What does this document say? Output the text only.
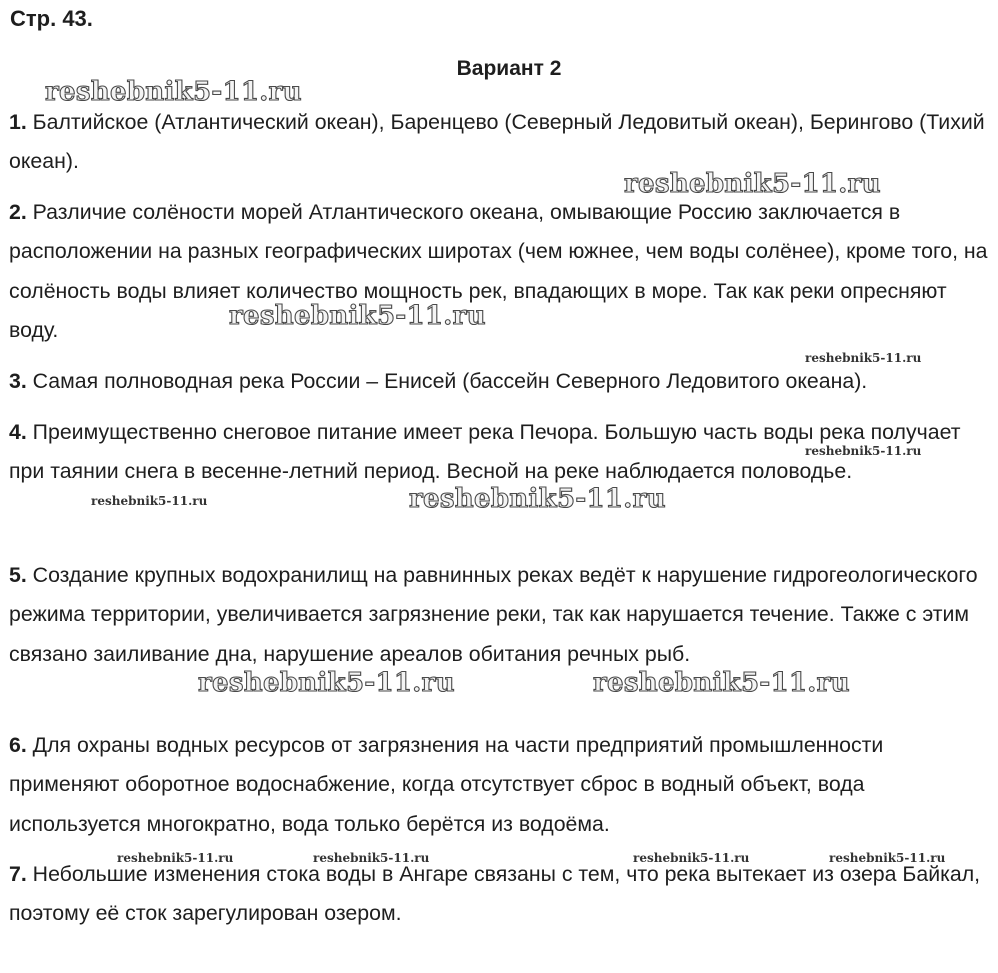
Стр. 43.
Вариант 2

1. Балтийское (Атлантический океан), Баренцево (Северный Ледовитый океан), Берингово (Тихий океан).

2. Различие солёности морей Атлантического океана, омывающие Россию заключается в расположении на разных географических широтах (чем южнее, чем воды солёнее), кроме того, на солёность воды влияет количество мощность рек, впадающих в море. Так как реки опресняют воду.

3. Самая полноводная река России – Енисей (бассейн Северного Ледовитого океана).

4. Преимущественно снеговое питание имеет река Печора. Большую часть воды река получает при таянии снега в весенне-летний период. Весной на реке наблюдается половодье.

5. Создание крупных водохранилищ на равнинных реках ведёт к нарушение гидрогеологического режима территории, увеличивается загрязнение реки, так как нарушается течение. Также с этим связано заиливание дна, нарушение ареалов обитания речных рыб.

6. Для охраны водных ресурсов от загрязнения на части предприятий промышленности применяют оборотное водоснабжение, когда отсутствует сброс в водный объект, вода используется многократно, вода только берётся из водоёма.

7. Небольшие изменения стока воды в Ангаре связаны с тем, что река вытекает из озера Байкал, поэтому её сток зарегулирован озером.

reshebnik5-11.ru
reshebnik5-11.ru
reshebnik5-11.ru
reshebnik5-11.ru
reshebnik5-11.ru
reshebnik5-11.ru	reshebnik5-11.ru
reshebnik5-11.ru	reshebnik5-11.ru
reshebnik5-11.ru	reshebnik5-11.ru	reshebnik5-11.ru	reshebnik5-11.ru
